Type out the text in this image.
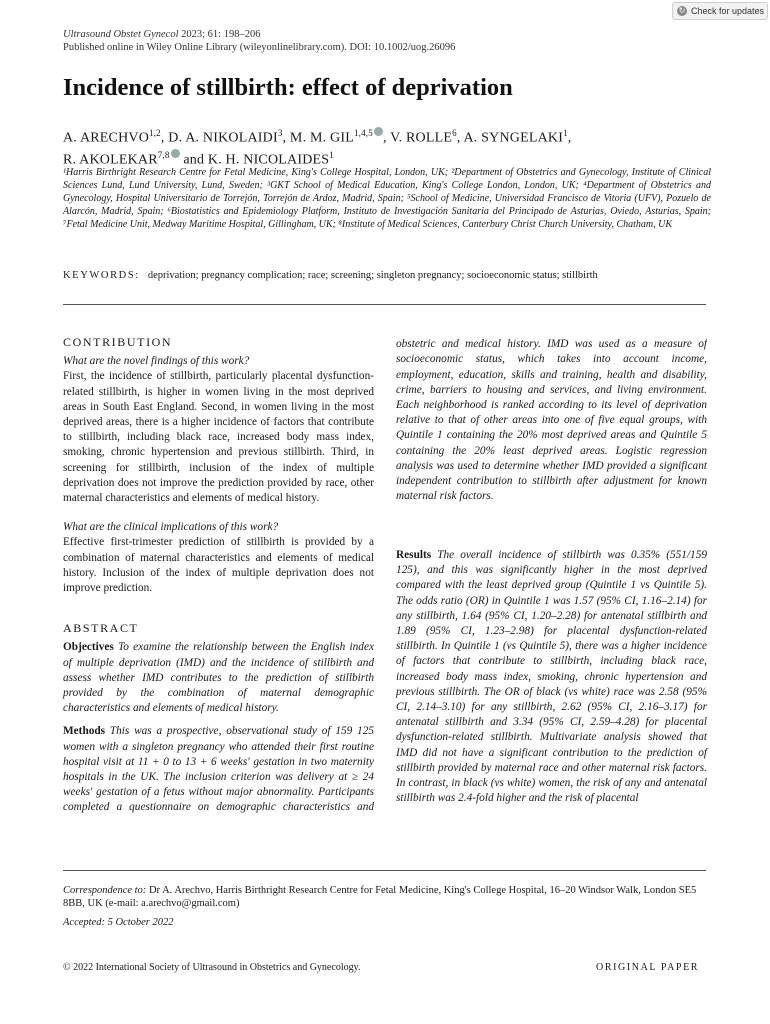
↻ Check for updates
Ultrasound Obstet Gynecol 2023; 61: 198–206
Published online in Wiley Online Library (wileyonlinelibrary.com). DOI: 10.1002/uog.26096
Incidence of stillbirth: effect of deprivation
A. ARECHVO$^{1,2}$, D. A. NIKOLAIDI$^3$, M. M. GIL$^{1,4,5}$ , V. ROLLE$^6$, A. SYNGELAKI$^1$,
R. AKOLEKAR$^{7,8}$ and K. H. NICOLAIDES$^1$
¹Harris Birthright Research Centre for Fetal Medicine, King's College Hospital, London, UK; ²Department of Obstetrics and Gynecology, Institute of Clinical Sciences Lund, Lund University, Lund, Sweden; ³GKT School of Medical Education, King's College London, London, UK; ⁴Department of Obstetrics and Gynecology, Hospital Universitario de Torrejón, Torrejón de Ardoz, Madrid, Spain; ⁵School of Medicine, Universidad Francisco de Vitoria (UFV), Pozuelo de Alarcón, Madrid, Spain; ⁶Biostatistics and Epidemiology Platform, Instituto de Investigación Sanitaria del Principado de Asturias, Oviedo, Asturias, Spain; ⁷Fetal Medicine Unit, Medway Maritime Hospital, Gillingham, UK; ⁸Institute of Medical Sciences, Canterbury Christ Church University, Chatham, UK
KEYWORDS: deprivation; pregnancy complication; race; screening; singleton pregnancy; socioeconomic status; stillbirth
CONTRIBUTION

What are the novel findings of this work?

First, the incidence of stillbirth, particularly placental dysfunction-related stillbirth, is higher in women living in the most deprived areas in South East England. Second, in women living in the most deprived areas, there is a higher incidence of factors that contribute to stillbirth, including black race, increased body mass index, smoking, chronic hypertension and previous stillbirth. Third, in screening for stillbirth, inclusion of the index of multiple deprivation does not improve the prediction provided by race, other maternal characteristics and elements of medical history.

What are the clinical implications of this work?

Effective first-trimester prediction of stillbirth is provided by a combination of maternal characteristics and elements of medical history. Inclusion of the index of multiple deprivation does not improve prediction.

ABSTRACT

Objectives To examine the relationship between the English index of multiple deprivation (IMD) and the incidence of stillbirth and assess whether IMD contributes to the prediction of stillbirth provided by the combination of maternal demographic characteristics and elements of medical history.

Methods This was a prospective, observational study of 159 125 women with a singleton pregnancy who attended their first routine hospital visit at 11 + 0 to 13 + 6 weeks' gestation in two maternity hospitals in the UK. The inclusion criterion was delivery at ≥ 24 weeks' gestation of a fetus without major abnormality. Participants completed a questionnaire on demographic characteristics and

obstetric and medical history. IMD was used as a measure of socioeconomic status, which takes into account income, employment, education, skills and training, health and disability, crime, barriers to housing and services, and living environment. Each neighborhood is ranked according to its level of deprivation relative to that of other areas into one of five equal groups, with Quintile 1 containing the 20% most deprived areas and Quintile 5 containing the 20% least deprived areas. Logistic regression analysis was used to determine whether IMD provided a significant independent contribution to stillbirth after adjustment for known maternal risk factors.

Results The overall incidence of stillbirth was 0.35% (551/159 125), and this was significantly higher in the most deprived compared with the least deprived group (Quintile 1 vs Quintile 5). The odds ratio (OR) in Quintile 1 was 1.57 (95% CI, 1.16–2.14) for any stillbirth, 1.64 (95% CI, 1.20–2.28) for antenatal stillbirth and 1.89 (95% CI, 1.23–2.98) for placental dysfunction-related stillbirth. In Quintile 1 (vs Quintile 5), there was a higher incidence of factors that contribute to stillbirth, including black race, increased body mass index, smoking, chronic hypertension and previous stillbirth. The OR of black (vs white) race was 2.58 (95% CI, 2.14–3.10) for any stillbirth, 2.62 (95% CI, 2.16–3.17) for antenatal stillbirth and 3.34 (95% CI, 2.59–4.28) for placental dysfunction-related stillbirth. Multivariate analysis showed that IMD did not have a significant contribution to the prediction of stillbirth provided by maternal race and other maternal risk factors. In contrast, in black (vs white) women, the risk of any and antenatal stillbirth was 2.4-fold higher and the risk of placental

Correspondence to: Dr A. Arechvo, Harris Birthright Research Centre for Fetal Medicine, King's College Hospital, 16–20 Windsor Walk, London SE5 8BB, UK (e-mail: a.arechvo@gmail.com)
Accepted: 5 October 2022
© 2022 International Society of Ultrasound in Obstetrics and Gynecology.	ORIGINAL PAPER
